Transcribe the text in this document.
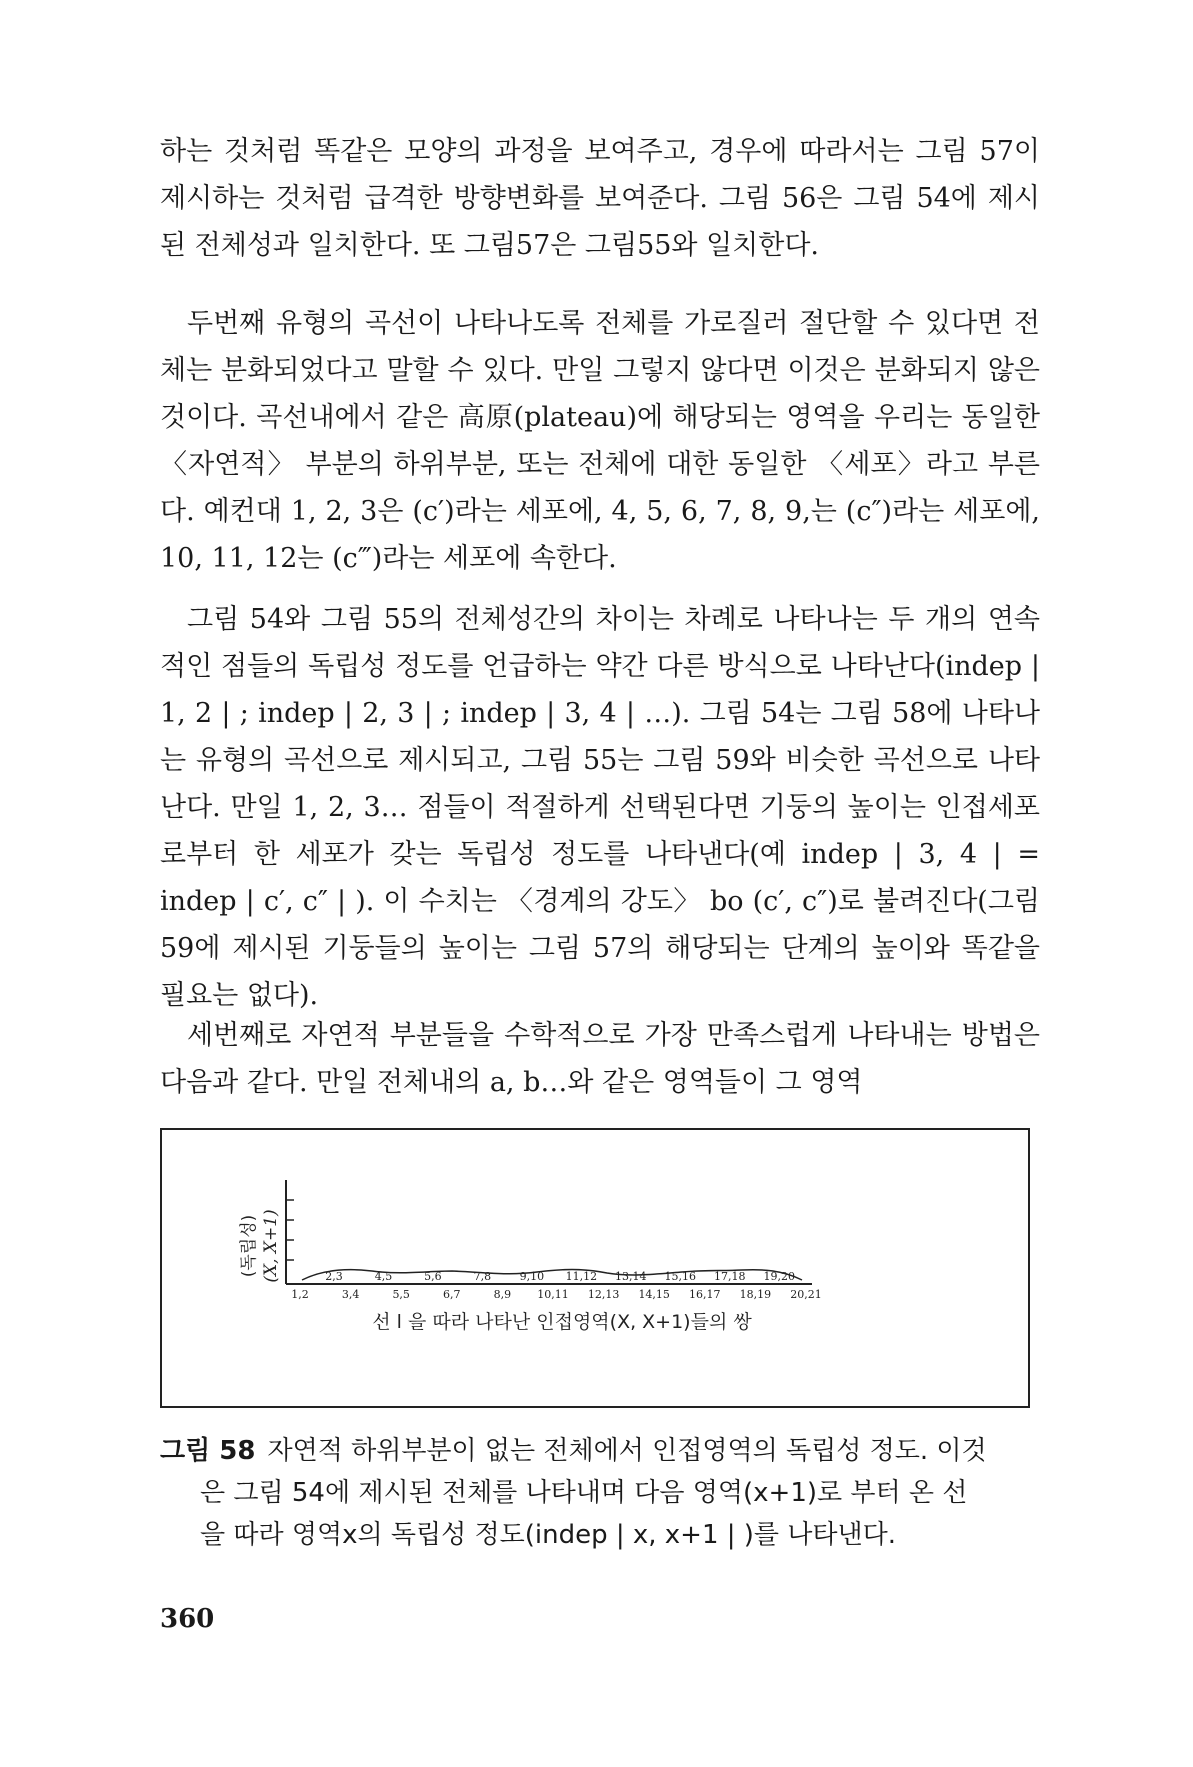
하는 것처럼 똑같은 모양의 과정을 보여주고, 경우에 따라서는 그림 57이 제시하는 것처럼 급격한 방향변화를 보여준다. 그림 56은 그림 54에 제시된 전체성과 일치한다. 또 그림57은 그림55와 일치한다.

두번째 유형의 곡선이 나타나도록 전체를 가로질러 절단할 수 있다면 전체는 분화되었다고 말할 수 있다. 만일 그렇지 않다면 이것은 분화되지 않은 것이다. 곡선내에서 같은 高原(plateau)에 해당되는 영역을 우리는 동일한 〈자연적〉 부분의 하위부분, 또는 전체에 대한 동일한 〈세포〉라고 부른다. 예컨대 1, 2, 3은 (c′)라는 세포에, 4, 5, 6, 7, 8, 9,는 (c″)라는 세포에, 10, 11, 12는 (c‴)라는 세포에 속한다.

그림 54와 그림 55의 전체성간의 차이는 차례로 나타나는 두 개의 연속적인 점들의 독립성 정도를 언급하는 약간 다른 방식으로 나타난다(indep | 1, 2 | ; indep | 2, 3 | ; indep | 3, 4 | …). 그림 54는 그림 58에 나타나는 유형의 곡선으로 제시되고, 그림 55는 그림 59와 비슷한 곡선으로 나타난다. 만일 1, 2, 3… 점들이 적절하게 선택된다면 기둥의 높이는 인접세포로부터 한 세포가 갖는 독립성 정도를 나타낸다(예 indep | 3, 4 | = indep | c′, c″ | ). 이 수치는 〈경계의 강도〉 bo (c′, c″)로 불려진다(그림 59에 제시된 기둥들의 높이는 그림 57의 해당되는 단계의 높이와 똑같을 필요는 없다).

세번째로 자연적 부분들을 수학적으로 가장 만족스럽게 나타내는 방법은 다음과 같다. 만일 전체내의 a, b…와 같은 영역들이 그 영역

(독립성) (X, X+1)	2,3	4,5	5,6	7,8	9,10 11,12 13,14 15,16 17,18 19,20
1,2	3,4	5,5	6,7	8,9 10,11 12,13 14,15 16,17 18,19 20,21
선 l 을 따라 나타난 인접영역(X, X+1)들의 쌍

그림 58 자연적 하위부분이 없는 전체에서 인접영역의 독립성 정도. 이것
은 그림 54에 제시된 전체를 나타내며 다음 영역(x+1)로 부터 온 선
을 따라 영역x의 독립성 정도(indep | x, x+1 | )를 나타낸다.

360
